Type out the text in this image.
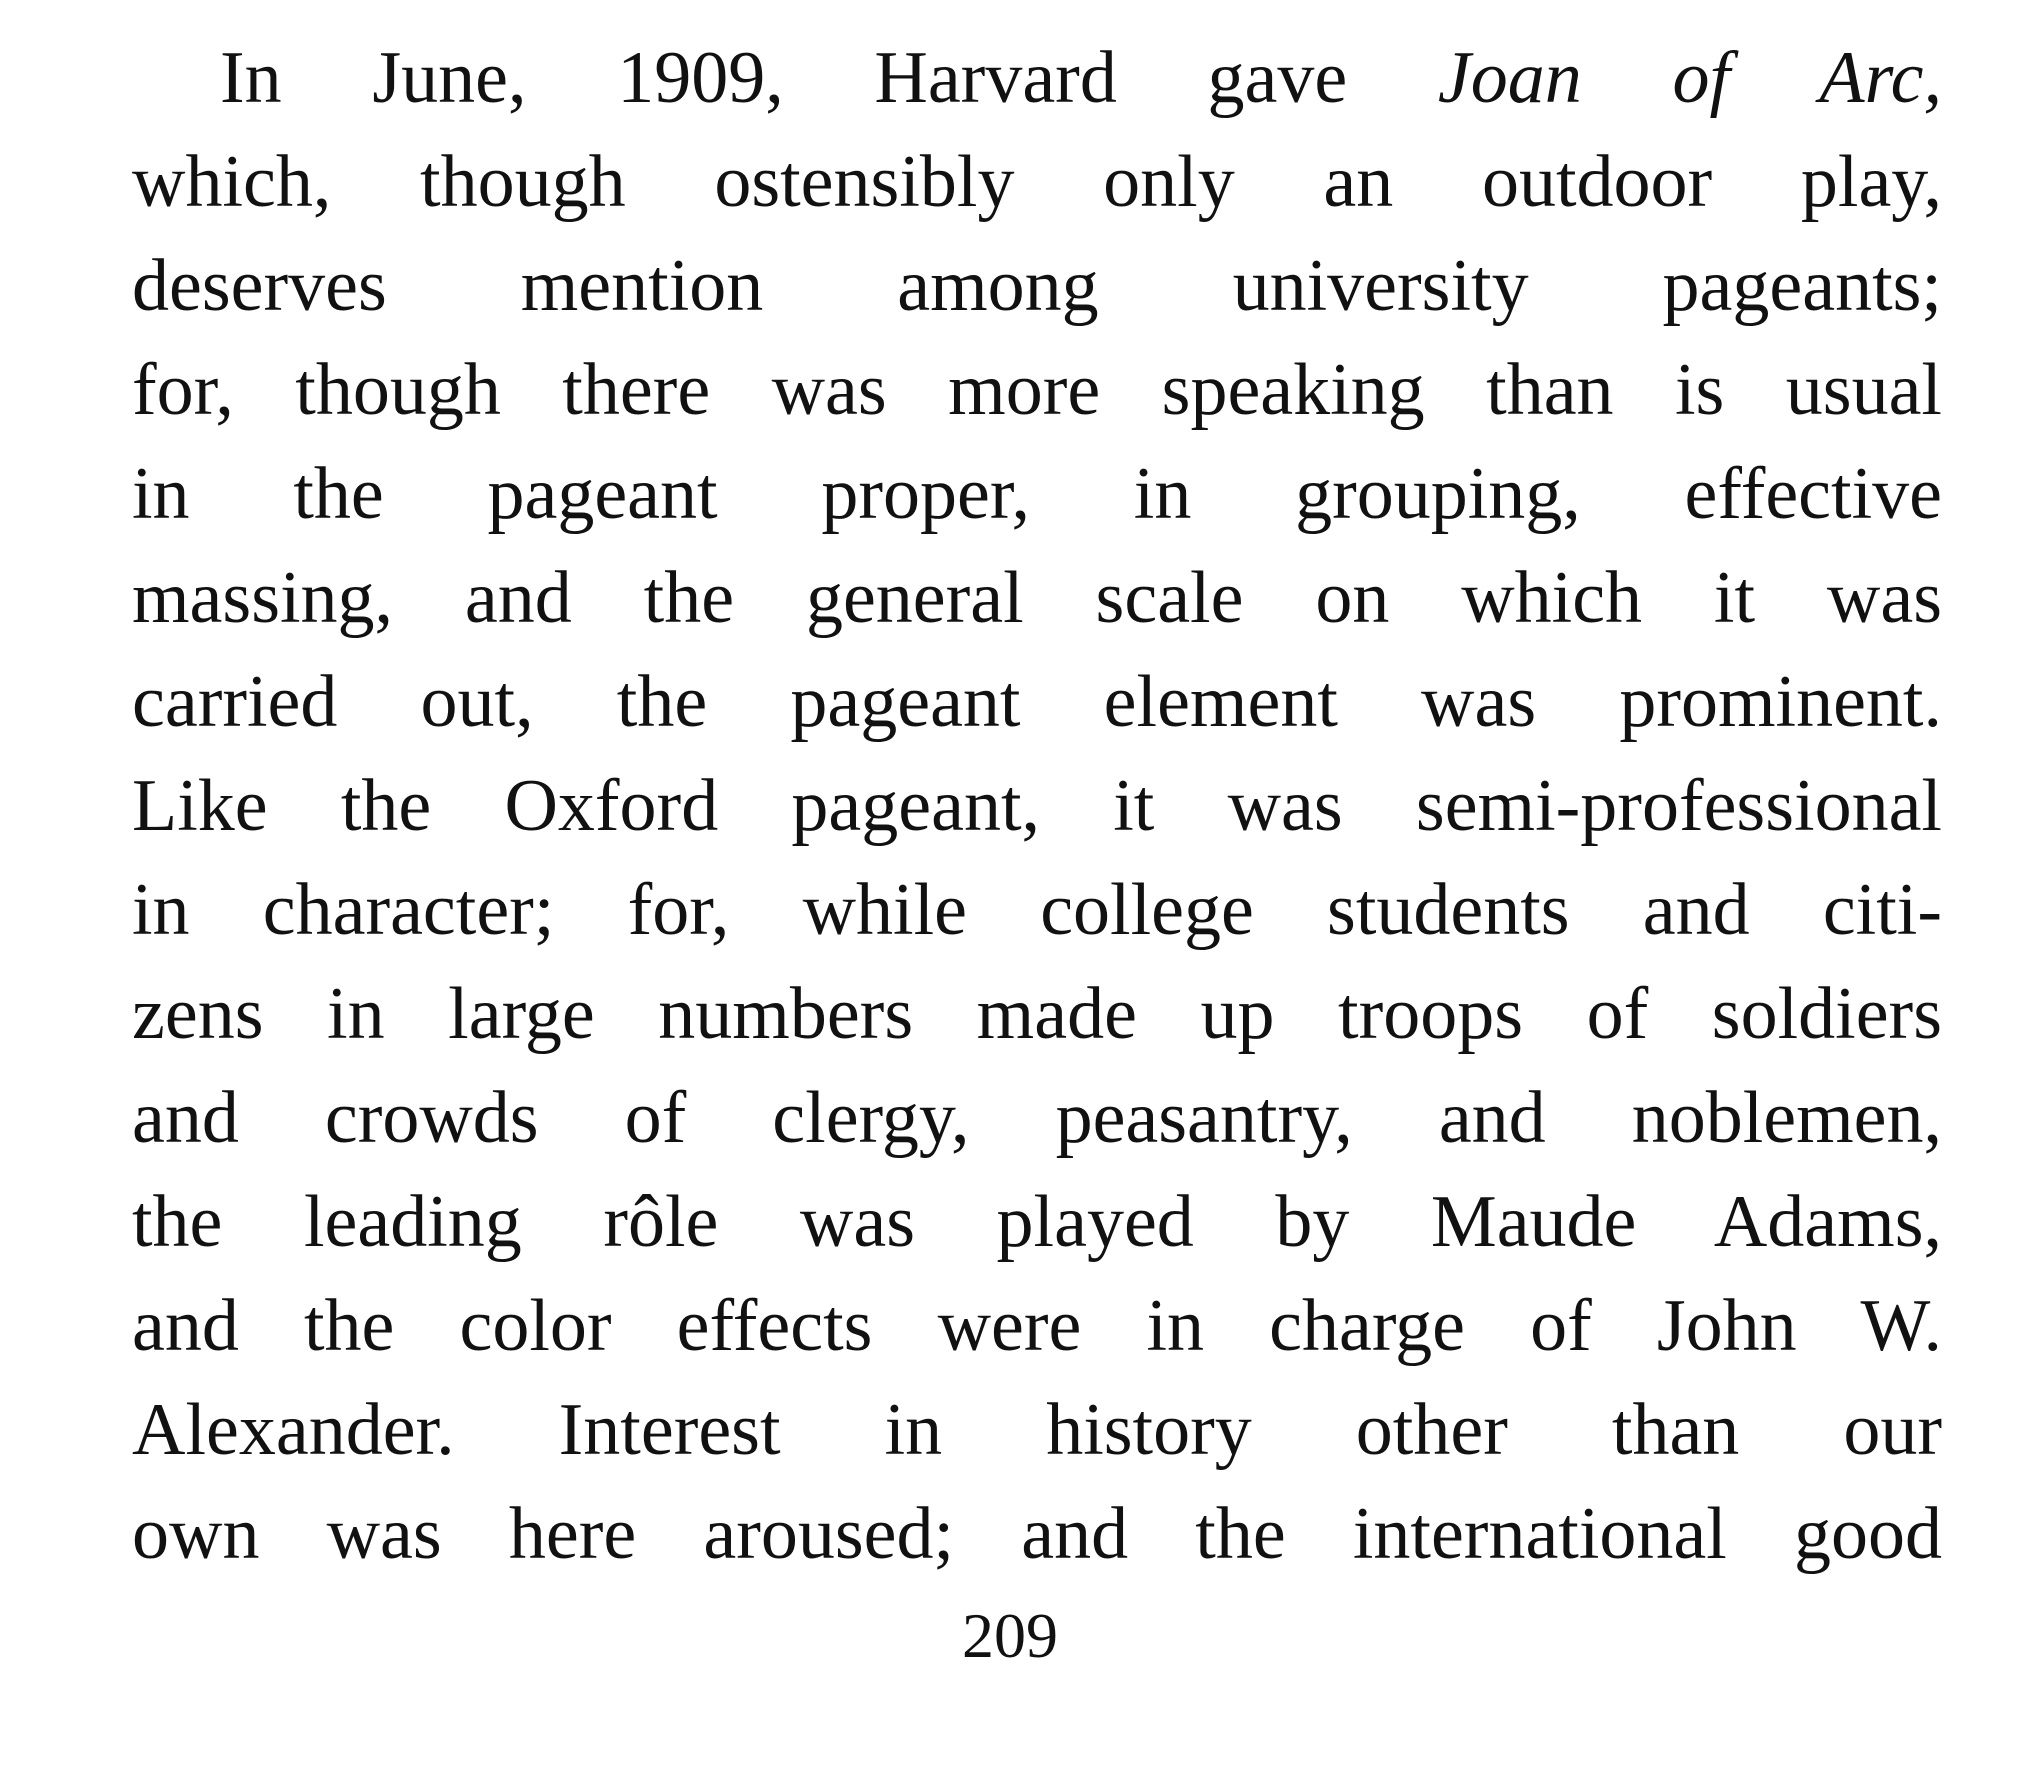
In June, 1909, Harvard gave Joan of Arc,
which, though ostensibly only an outdoor play,
deserves mention among university pageants;
for, though there was more speaking than is usual
in the pageant proper, in grouping, effective
massing, and the general scale on which it was
carried out, the pageant element was prominent.
Like the Oxford pageant, it was semi-professional
in character; for, while college students and citi-
zens in large numbers made up troops of soldiers
and crowds of clergy, peasantry, and noblemen,
the leading rôle was played by Maude Adams,
and the color effects were in charge of John W.
Alexander. Interest in history other than our
own was here aroused; and the international good
209
